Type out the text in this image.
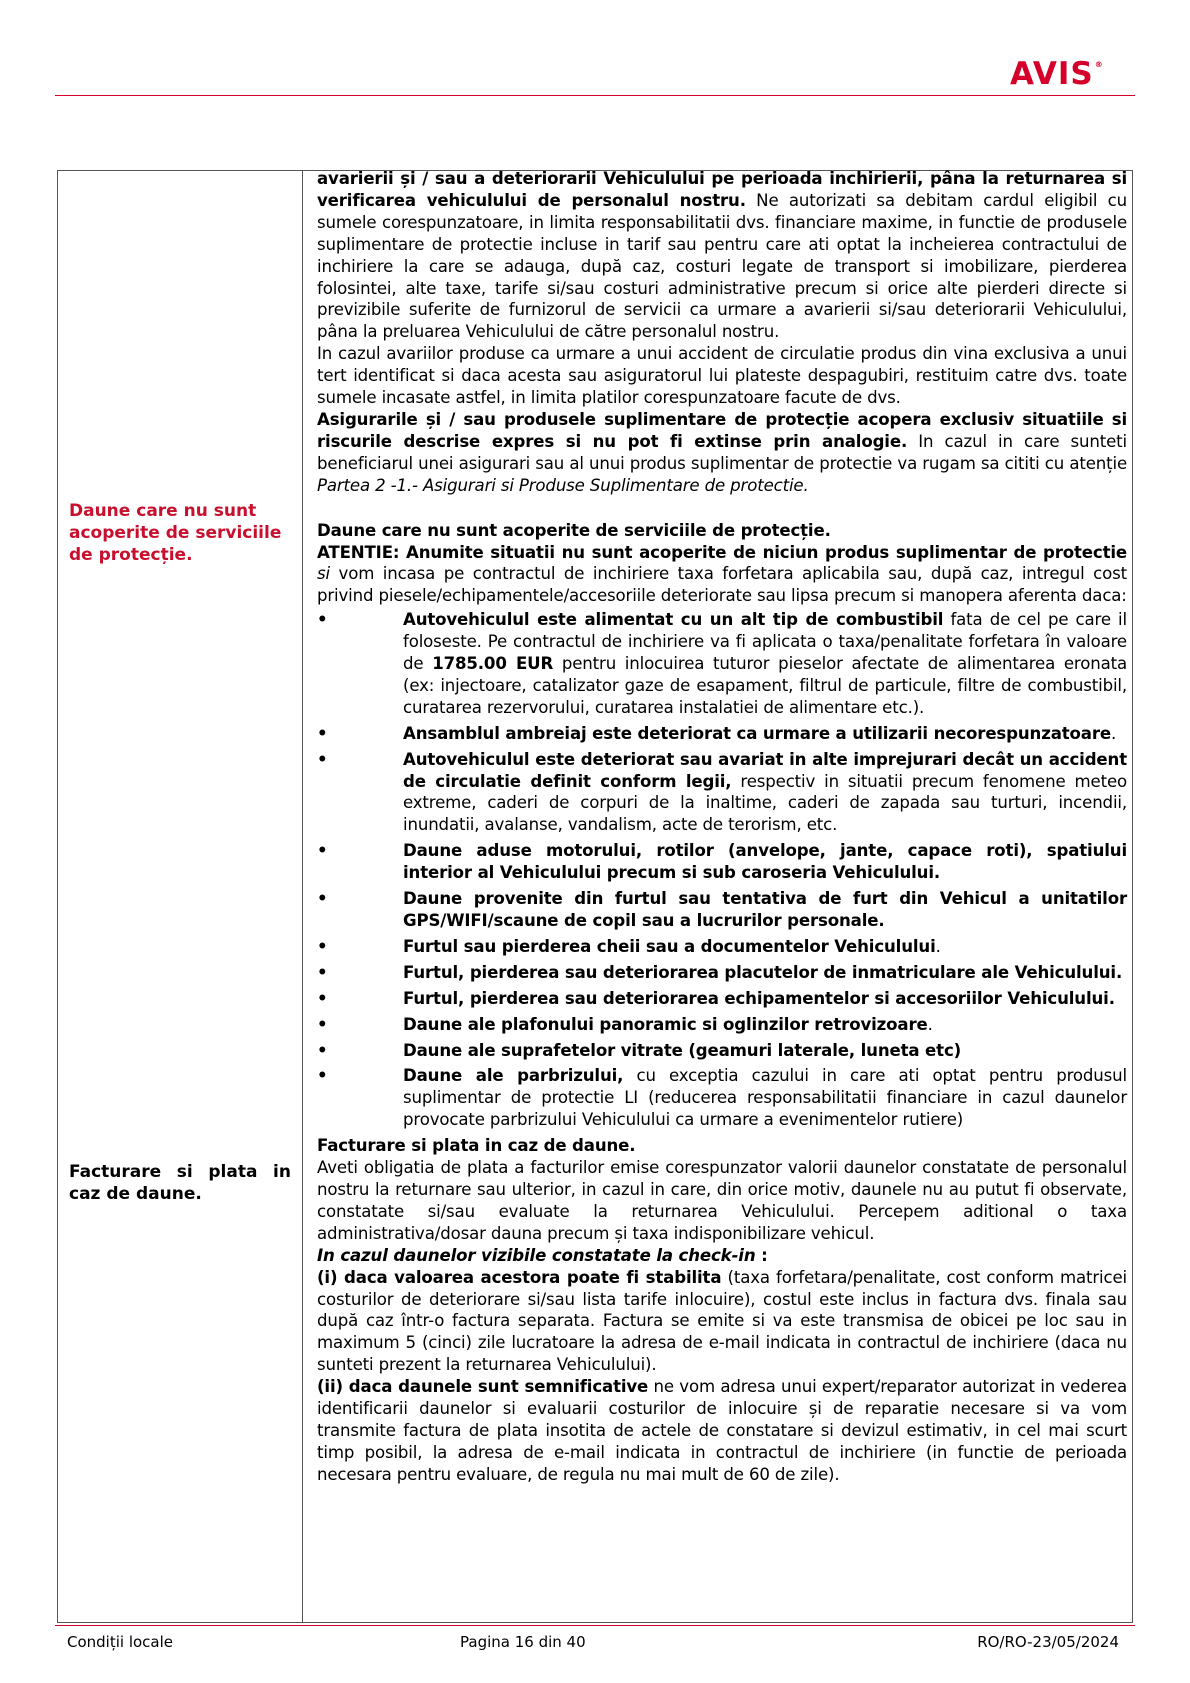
AVIS®
Daune care nu sunt acoperite de serviciile de protecție.
Facturare si plata in
caz de daune.

avarierii și / sau a deteriorarii Vehiculului pe perioada inchirierii, pâna la returnarea si verificarea vehiculului de personalul nostru. Ne autorizati sa debitam cardul eligibil cu sumele corespunzatoare, in limita responsabilitatii dvs. financiare maxime, in functie de produsele suplimentare de protectie incluse in tarif sau pentru care ati optat la incheierea contractului de inchiriere la care se adauga, după caz, costuri legate de transport si imobilizare, pierderea folosintei, alte taxe, tarife si/sau costuri administrative precum si orice alte pierderi directe si previzibile suferite de furnizorul de servicii ca urmare a avarierii si/sau deteriorarii Vehiculului, pâna la preluarea Vehiculului de către personalul nostru.

In cazul avariilor produse ca urmare a unui accident de circulatie produs din vina exclusiva a unui tert identificat si daca acesta sau asiguratorul lui plateste despagubiri, restituim catre dvs. toate sumele incasate astfel, in limita platilor corespunzatoare facute de dvs.

Asigurarile și / sau produsele suplimentare de protecție acopera exclusiv situatiile si riscurile descrise expres si nu pot fi extinse prin analogie. In cazul in care sunteti beneficiarul unei asigurari sau al unui produs suplimentar de protectie va rugam sa cititi cu atenție Partea 2 -1.- Asigurari si Produse Suplimentare de protectie.

Daune care nu sunt acoperite de serviciile de protecție.

ATENTIE: Anumite situatii nu sunt acoperite de niciun produs suplimentar de protectie si vom incasa pe contractul de inchiriere taxa forfetara aplicabila sau, după caz, intregul cost privind piesele/echipamentele/accesoriile deteriorate sau lipsa precum si manopera aferenta daca:

• Autovehiculul este alimentat cu un alt tip de combustibil fata de cel pe care il foloseste. Pe contractul de inchiriere va fi aplicata o taxa/penalitate forfetara în valoare de 1785.00 EUR pentru inlocuirea tuturor pieselor afectate de alimentarea eronata (ex: injectoare, catalizator gaze de esapament, filtrul de particule, filtre de combustibil, curatarea rezervorului, curatarea instalatiei de alimentare etc.).
• Ansamblul ambreiaj este deteriorat ca urmare a utilizarii necorespunzatoare.
• Autovehiculul este deteriorat sau avariat in alte imprejurari decât un accident de circulatie definit conform legii, respectiv in situatii precum fenomene meteo extreme, caderi de corpuri de la inaltime, caderi de zapada sau turturi, incendii, inundatii, avalanse, vandalism, acte de terorism, etc.
• Daune aduse motorului, rotilor (anvelope, jante, capace roti), spatiului interior al Vehiculului precum si sub caroseria Vehiculului.
• Daune provenite din furtul sau tentativa de furt din Vehicul a unitatilor GPS/WIFI/scaune de copil sau a lucrurilor personale.
• Furtul sau pierderea cheii sau a documentelor Vehiculului.
• Furtul, pierderea sau deteriorarea placutelor de inmatriculare ale Vehiculului.
• Furtul, pierderea sau deteriorarea echipamentelor si accesoriilor Vehiculului.
• Daune ale plafonului panoramic si oglinzilor retrovizoare.
• Daune ale suprafetelor vitrate (geamuri laterale, luneta etc)
• Daune ale parbrizului, cu exceptia cazului in care ati optat pentru produsul suplimentar de protectie LI (reducerea responsabilitatii financiare in cazul daunelor provocate parbrizului Vehiculului ca urmare a evenimentelor rutiere)

Facturare si plata in caz de daune.

Aveti obligatia de plata a facturilor emise corespunzator valorii daunelor constatate de personalul nostru la returnare sau ulterior, in cazul in care, din orice motiv, daunele nu au putut fi observate, constatate si/sau evaluate la returnarea Vehiculului. Percepem aditional o taxa administrativa/dosar dauna precum și taxa indisponibilizare vehicul.

In cazul daunelor vizibile constatate la check-in :

(i) daca valoarea acestora poate fi stabilita (taxa forfetara/penalitate, cost conform matricei costurilor de deteriorare si/sau lista tarife inlocuire), costul este inclus in factura dvs. finala sau după caz într-o factura separata. Factura se emite si va este transmisa de obicei pe loc sau in maximum 5 (cinci) zile lucratoare la adresa de e-mail indicata in contractul de inchiriere (daca nu sunteti prezent la returnarea Vehiculului).

(ii) daca daunele sunt semnificative ne vom adresa unui expert/reparator autorizat in vederea identificarii daunelor si evaluarii costurilor de inlocuire și de reparatie necesare si va vom transmite factura de plata insotita de actele de constatare si devizul estimativ, in cel mai scurt timp posibil, la adresa de e-mail indicata in contractul de inchiriere (in functie de perioada necesara pentru evaluare, de regula nu mai mult de 60 de zile).

Condiții locale	Pagina 16 din 40	RO/RO-23/05/2024
